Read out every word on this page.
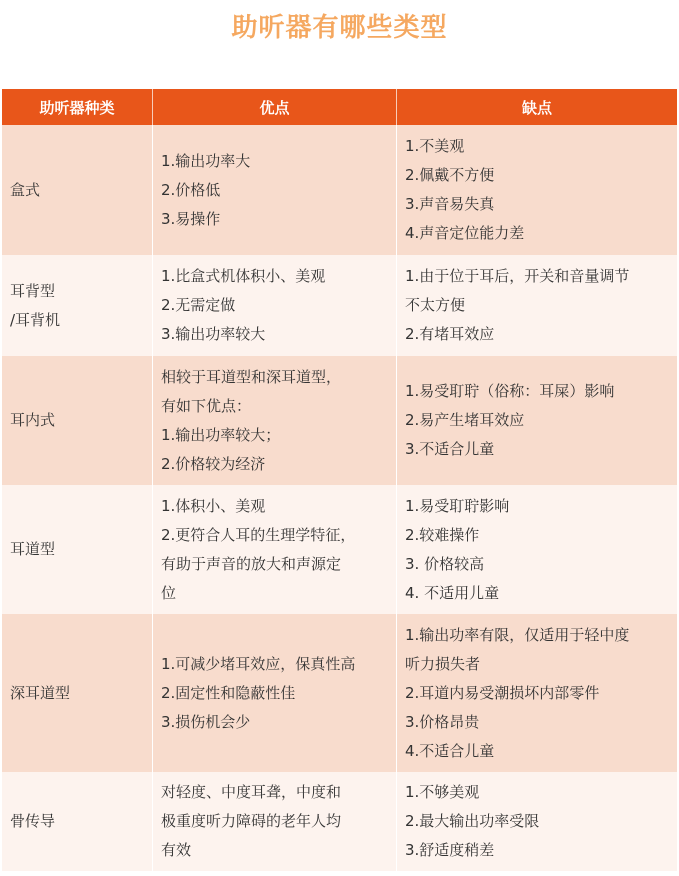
助听器有哪些类型
助听器种类	优点	缺点
盒式
1.输出功率大
2.价格低
3.易操作
1.不美观
2.佩戴不方便
3.声音易失真
4.声音定位能力差
耳背型
/耳背机
1.比盒式机体积小、美观
2.无需定做
3.输出功率较大
1.由于位于耳后，开关和音量调节
不太方便
2.有堵耳效应
耳内式
相较于耳道型和深耳道型，
有如下优点：
1.输出功率较大；
2.价格较为经济
1.易受耵聍（俗称：耳屎）影响
2.易产生堵耳效应
3.不适合儿童
耳道型
1.体积小、美观
2.更符合人耳的生理学特征，
有助于声音的放大和声源定
位
1.易受耵聍影响
2.较难操作
3. 价格较高
4. 不适用儿童
深耳道型
1.可减少堵耳效应，保真性高
2.固定性和隐蔽性佳
3.损伤机会少
1.输出功率有限，仅适用于轻中度
听力损失者
2.耳道内易受潮损坏内部零件
3.价格昂贵
4.不适合儿童
骨传导
对轻度、中度耳聋，中度和
极重度听力障碍的老年人均
有效
1.不够美观
2.最大输出功率受限
3.舒适度稍差
